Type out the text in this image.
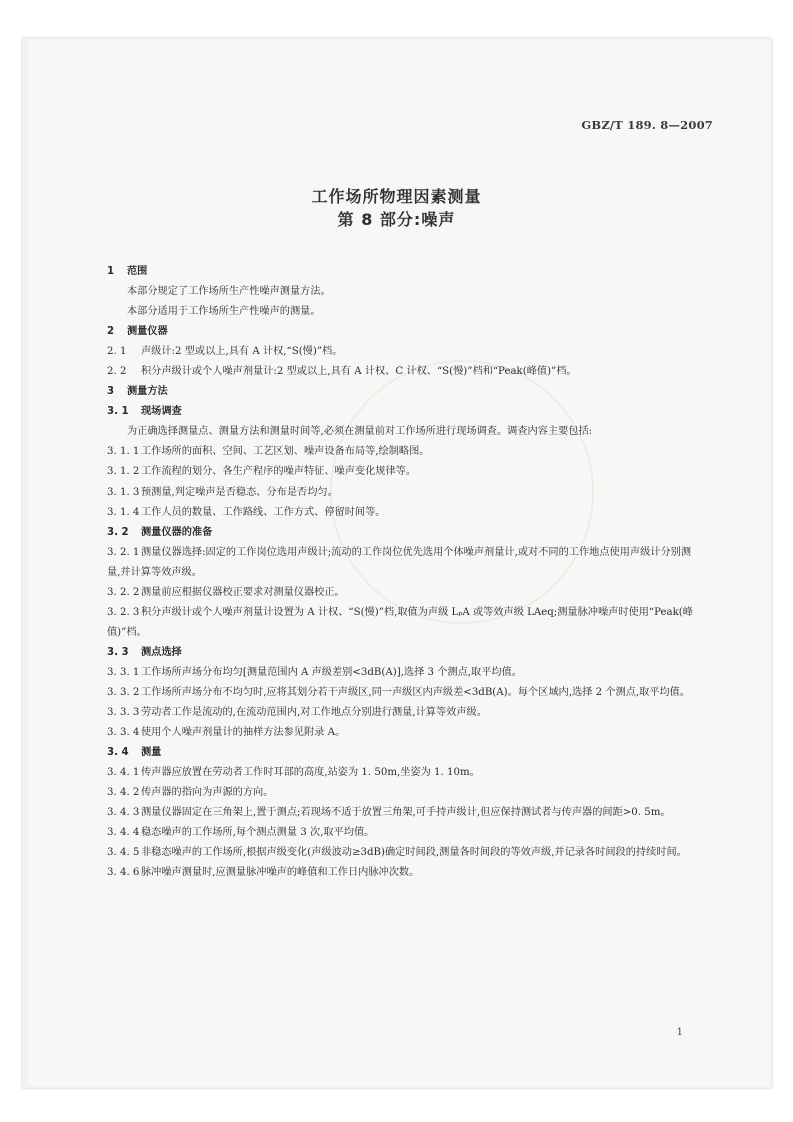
GBZ/T 189. 8—2007
工作场所物理因素测量
第 8 部分:噪声
1 范围
本部分规定了工作场所生产性噪声测量方法。
本部分适用于工作场所生产性噪声的测量。
2 测量仪器
2. 1 声级计:2 型或以上,具有 A 计权,“S(慢)”档。
2. 2 积分声级计或个人噪声剂量计:2 型或以上,具有 A 计权、C 计权、“S(慢)”档和“Peak(峰值)”档。
3 测量方法
3. 1 现场调查
为正确选择测量点、测量方法和测量时间等,必须在测量前对工作场所进行现场调查。调查内容主要包括:
3. 1. 1 工作场所的面积、空间、工艺区划、噪声设备布局等,绘制略图。
3. 1. 2 工作流程的划分、各生产程序的噪声特征、噪声变化规律等。
3. 1. 3 预测量,判定噪声是否稳态、分布是否均匀。
3. 1. 4 工作人员的数量、工作路线、工作方式、停留时间等。
3. 2 测量仪器的准备
3. 2. 1 测量仪器选择:固定的工作岗位选用声级计;流动的工作岗位优先选用个体噪声剂量计,或对不同的工作地点使用声级计分别测量,并计算等效声级。
3. 2. 2 测量前应根据仪器校正要求对测量仪器校正。
3. 2. 3 积分声级计或个人噪声剂量计设置为 A 计权、“S(慢)”档,取值为声级 LₚA 或等效声级 LAeq;测量脉冲噪声时使用“Peak(峰值)”档。
3. 3 测点选择
3. 3. 1 工作场所声场分布均匀[测量范围内 A 声级差别<3dB(A)],选择 3 个测点,取平均值。
3. 3. 2 工作场所声场分布不均匀时,应将其划分若干声级区,同一声级区内声级差<3dB(A)。每个区域内,选择 2 个测点,取平均值。
3. 3. 3 劳动者工作是流动的,在流动范围内,对工作地点分别进行测量,计算等效声级。
3. 3. 4 使用个人噪声剂量计的抽样方法参见附录 A。
3. 4 测量
3. 4. 1 传声器应放置在劳动者工作时耳部的高度,站姿为 1. 50m,坐姿为 1. 10m。
3. 4. 2 传声器的指向为声源的方向。
3. 4. 3 测量仪器固定在三角架上,置于测点;若现场不适于放置三角架,可手持声级计,但应保持测试者与传声器的间距>0. 5m。
3. 4. 4 稳态噪声的工作场所,每个测点测量 3 次,取平均值。
3. 4. 5 非稳态噪声的工作场所,根据声级变化(声级波动≥3dB)确定时间段,测量各时间段的等效声级,并记录各时间段的持续时间。
3. 4. 6 脉冲噪声测量时,应测量脉冲噪声的峰值和工作日内脉冲次数。
1
